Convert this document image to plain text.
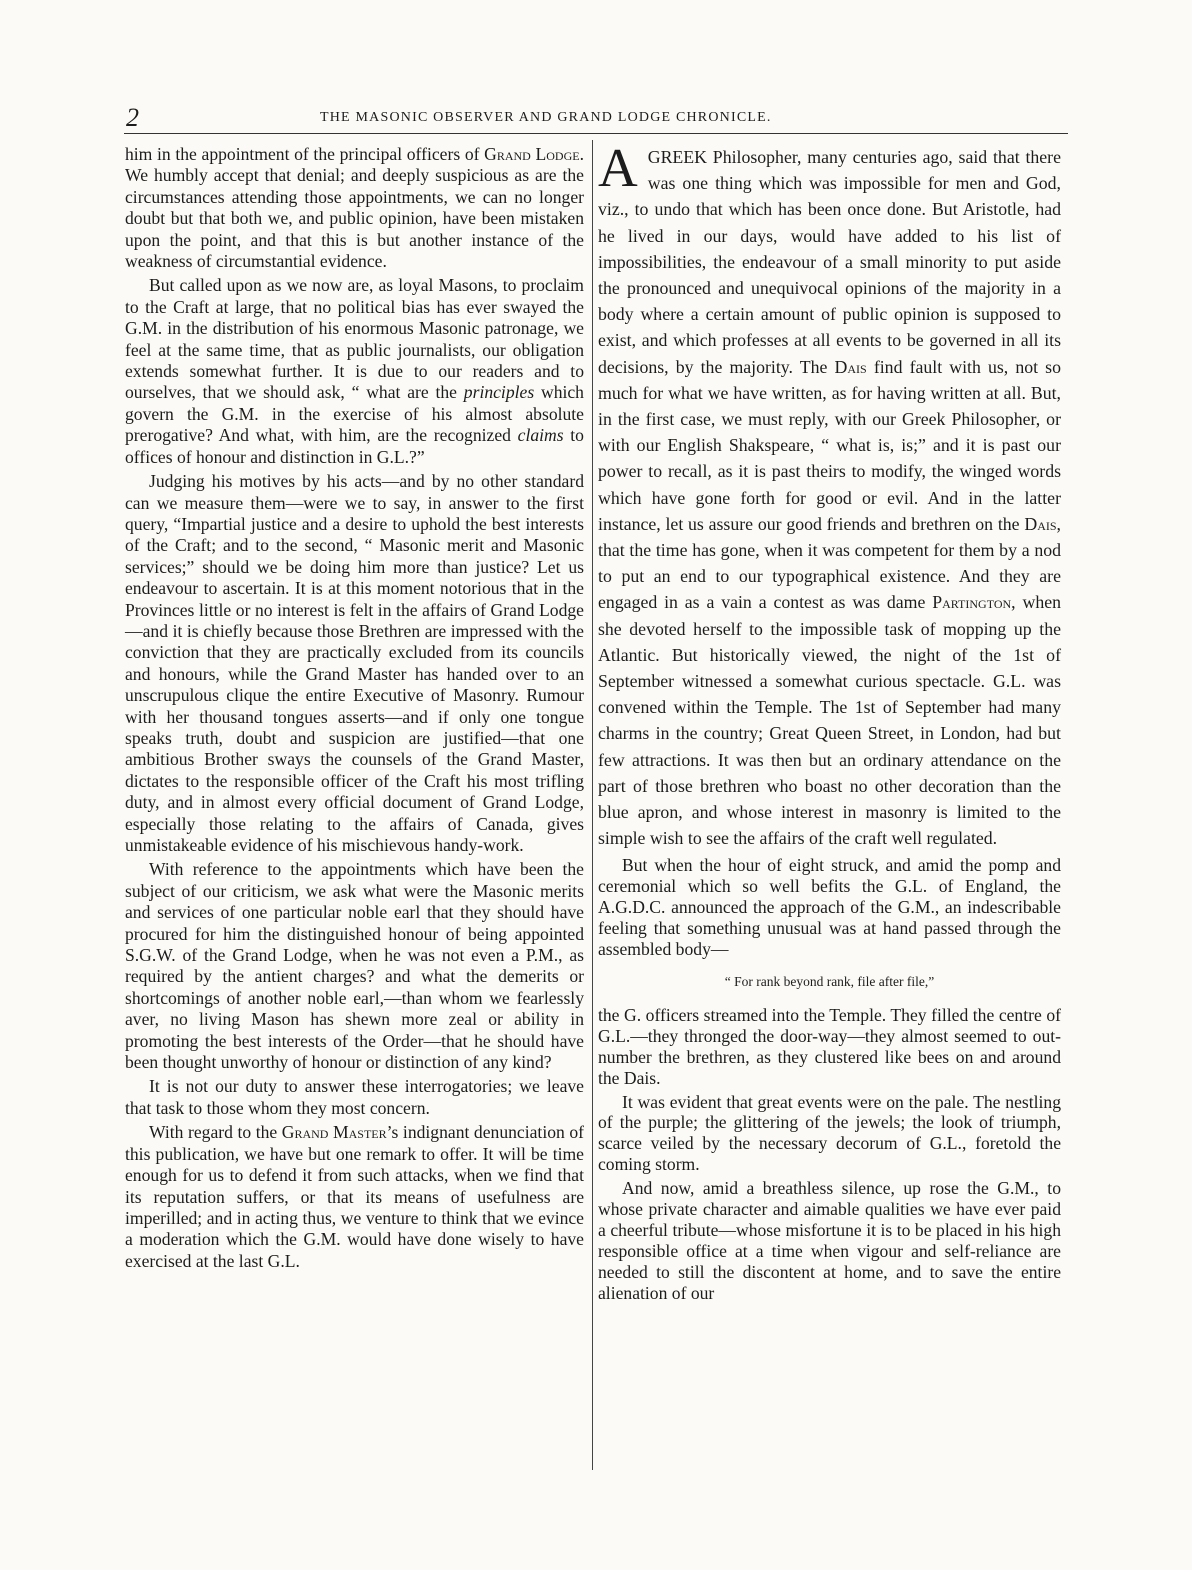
2	THE MASONIC OBSERVER AND GRAND LODGE CHRONICLE.

him in the appointment of the principal officers of Grand Lodge. We humbly accept that denial; and deeply suspicious as are the circumstances attending those appointments, we can no longer doubt but that both we, and public opinion, have been mistaken upon the point, and that this is but another instance of the weakness of circumstantial evidence.

But called upon as we now are, as loyal Masons, to proclaim to the Craft at large, that no political bias has ever swayed the G.M. in the distribution of his enormous Masonic patronage, we feel at the same time, that as public journalists, our obligation extends somewhat further. It is due to our readers and to ourselves, that we should ask, “ what are the principles which govern the G.M. in the exercise of his almost absolute prerogative? And what, with him, are the recognized claims to offices of honour and distinction in G.L.?”

Judging his motives by his acts—and by no other standard can we measure them—were we to say, in answer to the first query, “Impartial justice and a desire to uphold the best interests of the Craft; and to the second, “ Masonic merit and Masonic services;” should we be doing him more than justice? Let us endeavour to ascertain. It is at this moment notorious that in the Provinces little or no interest is felt in the affairs of Grand Lodge—and it is chiefly because those Brethren are impressed with the conviction that they are practically excluded from its councils and honours, while the Grand Master has handed over to an unscrupulous clique the entire Executive of Masonry. Rumour with her thousand tongues asserts—and if only one tongue speaks truth, doubt and suspicion are justified—that one ambitious Brother sways the counsels of the Grand Master, dictates to the responsible officer of the Craft his most trifling duty, and in almost every official document of Grand Lodge, especially those relating to the affairs of Canada, gives unmistakeable evidence of his mischievous handy-work.

With reference to the appointments which have been the subject of our criticism, we ask what were the Masonic merits and services of one particular noble earl that they should have procured for him the distinguished honour of being appointed S.G.W. of the Grand Lodge, when he was not even a P.M., as required by the antient charges? and what the demerits or shortcomings of another noble earl,—than whom we fearlessly aver, no living Mason has shewn more zeal or ability in promoting the best interests of the Order—that he should have been thought unworthy of honour or distinction of any kind?

It is not our duty to answer these interrogatories; we leave that task to those whom they most concern.

With regard to the Grand Master’s indignant denunciation of this publication, we have but one remark to offer. It will be time enough for us to defend it from such attacks, when we find that its reputation suffers, or that its means of usefulness are imperilled; and in acting thus, we venture to think that we evince a moderation which the G.M. would have done wisely to have exercised at the last G.L.

AGREEK Philosopher, many centuries ago, said that there was one thing which was impossible for men and God, viz., to undo that which has been once done. But Aristotle, had he lived in our days, would have added to his list of impossibilities, the endeavour of a small minority to put aside the pronounced and unequivocal opinions of the majority in a body where a certain amount of public opinion is supposed to exist, and which professes at all events to be governed in all its decisions, by the majority. The Dais find fault with us, not so much for what we have written, as for having written at all. But, in the first case, we must reply, with our Greek Philosopher, or with our English Shakspeare, “ what is, is;” and it is past our power to recall, as it is past theirs to modify, the winged words which have gone forth for good or evil. And in the latter instance, let us assure our good friends and brethren on the Dais, that the time has gone, when it was competent for them by a nod to put an end to our typographical existence. And they are engaged in as a vain a contest as was dame Partington, when she devoted herself to the impossible task of mopping up the Atlantic. But historically viewed, the night of the 1st of September witnessed a somewhat curious spectacle. G.L. was convened within the Temple. The 1st of September had many charms in the country; Great Queen Street, in London, had but few attractions. It was then but an ordinary attendance on the part of those brethren who boast no other decoration than the blue apron, and whose interest in masonry is limited to the simple wish to see the affairs of the craft well regulated.

But when the hour of eight struck, and amid the pomp and ceremonial which so well befits the G.L. of England, the A.G.D.C. announced the approach of the G.M., an indescribable feeling that something unusual was at hand passed through the assembled body—

“ For rank beyond rank, file after file,”

the G. officers streamed into the Temple. They filled the centre of G.L.—they thronged the door-way—they almost seemed to out-number the brethren, as they clustered like bees on and around the Dais.

It was evident that great events were on the pale. The nestling of the purple; the glittering of the jewels; the look of triumph, scarce veiled by the necessary decorum of G.L., foretold the coming storm.

And now, amid a breathless silence, up rose the G.M., to whose private character and aimable qualities we have ever paid a cheerful tribute—whose misfortune it is to be placed in his high responsible office at a time when vigour and self-reliance are needed to still the discontent at home, and to save the entire alienation of our
